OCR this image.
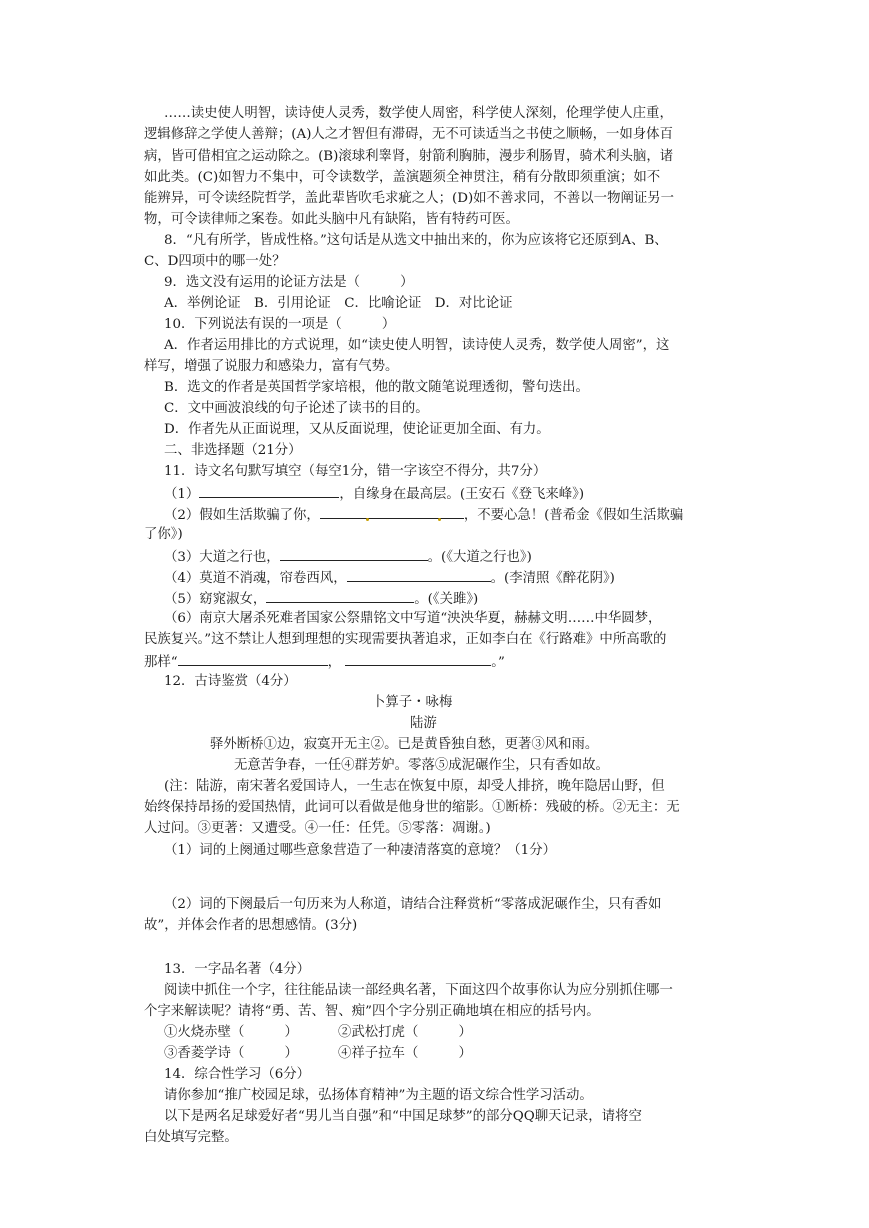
……读史使人明智，读诗使人灵秀，数学使人周密，科学使人深刻，伦理学使人庄重，
逻辑修辞之学使人善辩；(A)人之才智但有滞碍，无不可读适当之书使之顺畅，一如身体百
病，皆可借相宜之运动除之。(B)滚球利睾肾，射箭利胸肺，漫步利肠胃，骑术利头脑，诸
如此类。(C)如智力不集中，可令读数学，盖演题须全神贯注，稍有分散即须重演；如不
能辨异，可令读经院哲学，盖此辈皆吹毛求疵之人；(D)如不善求同，不善以一物阐证另一
物，可令读律师之案卷。如此头脑中凡有缺陷，皆有特药可医。
8．“凡有所学，皆成性格。”这句话是从选文中抽出来的，你为应该将它还原到A、B、
C、D四项中的哪一处？
9．选文没有运用的论证方法是（　　　）
A．举例论证　B．引用论证　C．比喻论证　D．对比论证
10．下列说法有误的一项是（　　　）
A．作者运用排比的方式说理，如“读史使人明智，读诗使人灵秀，数学使人周密”，这
样写，增强了说服力和感染力，富有气势。
B．选文的作者是英国哲学家培根，他的散文随笔说理透彻，警句迭出。
C．文中画波浪线的句子论述了读书的目的。
D．作者先从正面说理，又从反面说理，使论证更加全面、有力。
二、非选择题（21分）
11．诗文名句默写填空（每空1分，错一字该空不得分，共7分）
（1）	，自缘身在最高层。(王安石《登飞来峰》)
（2）假如生活欺骗了你，	，不要心急！(普希金《假如生活欺骗
了你》)
（3）大道之行也，	。(《大道之行也》)
（4）莫道不消魂，帘卷西风，	。(李清照《醉花阴》)
（5）窈窕淑女，	。(《关雎》)
（6）南京大屠杀死难者国家公祭鼎铭文中写道“泱泱华夏，赫赫文明……中华圆梦，
民族复兴。”这不禁让人想到理想的实现需要执著追求，正如李白在《行路难》中所高歌的
那样“	，	。”
12．古诗鉴赏（4分）
卜算子・咏梅
陆游
驿外断桥①边，寂寞开无主②。已是黄昏独自愁，更著③风和雨。
无意苦争春，一任④群芳妒。零落⑤成泥碾作尘，只有香如故。
(注：陆游，南宋著名爱国诗人，一生志在恢复中原，却受人排挤，晚年隐居山野，但
始终保持昂扬的爱国热情，此词可以看做是他身世的缩影。①断桥：残破的桥。②无主：无
人过问。③更著：又遭受。④一任：任凭。⑤零落：凋谢。)
（1）词的上阕通过哪些意象营造了一种凄清落寞的意境？（1分）
（2）词的下阕最后一句历来为人称道，请结合注释赏析“零落成泥碾作尘，只有香如
故”，并体会作者的思想感情。(3分)
13．一字品名著（4分）
阅读中抓住一个字，往往能品读一部经典名著，下面这四个故事你认为应分别抓住哪一
个字来解读呢？请将“勇、苦、智、痴”四个字分别正确地填在相应的括号内。
①火烧赤壁（　　　）	②武松打虎（　　　）
③香菱学诗（　　　）	④祥子拉车（　　　）
14．综合性学习（6分）
请你参加“推广校园足球，弘扬体育精神”为主题的语文综合性学习活动。
以下是两名足球爱好者“男儿当自强”和“中国足球梦”的部分QQ聊天记录，请将空
白处填写完整。
